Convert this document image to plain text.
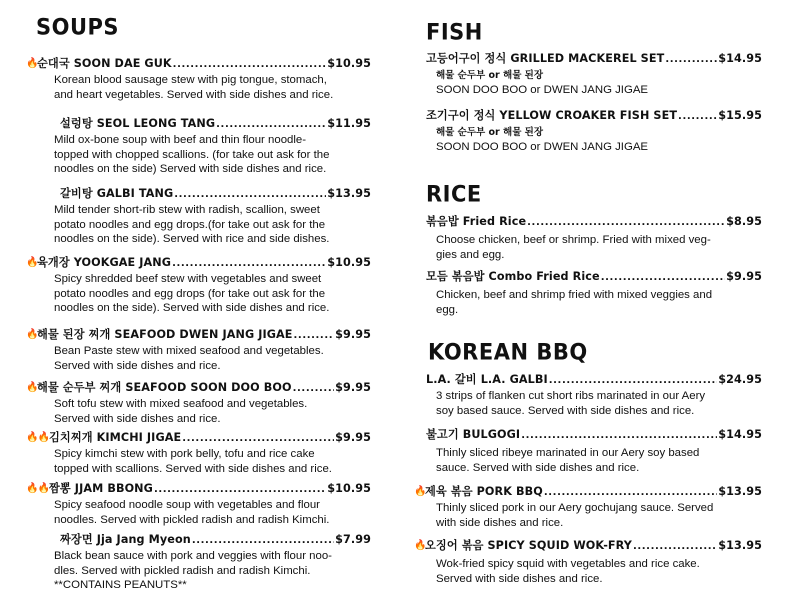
SOUPS
🔥
순대국 SOON DAE GUK .....	$10.95
Korean blood sausage stew with pig tongue, stomach,
and heart vegetables. Served with side dishes and rice.
설렁탕 SEOL LEONG TANG .....	$11.95
Mild ox-bone soup with beef and thin flour noodle-
topped with chopped scallions. (for take out ask for the
noodles on the side) Served with side dishes and rice.
갈비탕 GALBI TANG .....	$13.95
Mild tender short-rib stew with radish, scallion, sweet
potato noodles and egg drops.(for take out ask for the
noodles on the side). Served with rice and side dishes.
🔥
육개장 YOOKGAE JANG .....	$10.95
Spicy shredded beef stew with vegetables and sweet
potato noodles and egg drops (for take out ask for the
noodles on the side). Served with side dishes and rice.
🔥
해물 된장 찌개 SEAFOOD DWEN JANG JIGAE .....	$9.95
Bean Paste stew with mixed seafood and vegetables.
Served with side dishes and rice.
🔥
해물 순두부 찌개 SEAFOOD SOON DOO BOO .....	$9.95
Soft tofu stew with mixed seafood and vegetables.
Served with side dishes and rice.
🔥🔥 김치찌개 KIMCHI JIGAE .....	$9.95
Spicy kimchi stew with pork belly, tofu and rice cake
topped with scallions. Served with side dishes and rice.
🔥🔥 짬뽕 JJAM BBONG .....	$10.95
Spicy seafood noodle soup with vegetables and flour
noodles. Served with pickled radish and radish Kimchi.
짜장면 Jja Jang Myeon .....	$7.99
Black bean sauce with pork and veggies with flour noo-
dles. Served with pickled radish and radish Kimchi.
**CONTAINS PEANUTS**
FISH
고등어구이 정식 GRILLED MACKEREL SET .....	$14.95
해물 순두부 or 해물 된장
SOON DOO BOO or DWEN JANG JIGAE
조기구이 정식 YELLOW CROAKER FISH SET .....	$15.95
해물 순두부 or 해물 된장
SOON DOO BOO or DWEN JANG JIGAE
RICE
볶음밥 Fried Rice .....	$8.95
Choose chicken, beef or shrimp. Fried with mixed veg-
gies and egg.
모듬 볶음밥 Combo Fried Rice .....	$9.95
Chicken, beef and shrimp fried with mixed veggies and
egg.
KOREAN BBQ
L.A. 갈비 L.A. GALBI .....	$24.95
3 strips of flanken cut short ribs marinated in our Aery
soy based sauce. Served with side dishes and rice.
불고기 BULGOGI .....	$14.95
Thinly sliced ribeye marinated in our Aery soy based
sauce. Served with side dishes and rice.
🔥
제육 볶음 PORK BBQ .....	$13.95
Thinly sliced pork in our Aery gochujang sauce. Served
with side dishes and rice.
🔥
오징어 볶음 SPICY SQUID WOK-FRY .....	$13.95
Wok-fried spicy squid with vegetables and rice cake.
Served with side dishes and rice.
